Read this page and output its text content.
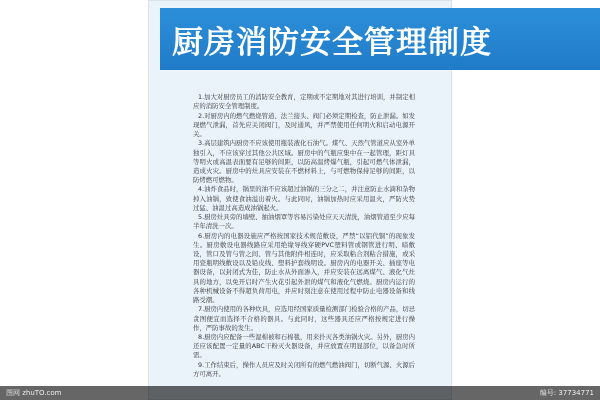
厨房消防安全管理制度

1.加大对厨房员工的消防安全教育，定期或不定期地对其进行培训，并制定相应的消防安全管理制度。

2.对厨房内的燃气燃烧管道、法兰接头、阀门必须定期检查，防止泄漏。如发现燃气泄漏，首先应关闭阀门，及时通风，并严禁使用任何明火和启动电源开关。

3.高层建筑内厨房不应该使用瓶装液化石油气。煤气、天然气管道应从室外单独引入，不应该穿过其他公共区域。厨房中的气瓶应集中在一起管理，距灯具等明火或高温表面要有足够的间距，以防高温烤爆气瓶，引起可燃气体泄漏，造成火灾。厨房中的灶具应安装在不燃材料上，与可燃物保持足够的间距，以防烤燃可燃物。

4.油炸食品时，锅里的油不应该超过油锅的三分之二，并注意防止水滴和杂物掉入油锅，致使食油溢出着火。与此同时，油锅加热时应采用温火，严防火势过猛、油温过高造成油锅起火。

5.厨房灶具旁的墙壁、抽油烟罩等容易污染处应天天清洗，油烟管道至少应每半年清洗一次。

6.厨房内的电器设施应严格按国家技术规范敷设，严禁“以铝代铜”的现象发生。厨房敷设电器线路应采用绝缘导线穿硬PVC塑料管或钢管进行明、暗敷设，管口及管与管之间、管与其他附件相连时，应采取粘合剂粘合措施，或采用瓷瓶明线敷设以及铅皮线、塑料护套线明设。厨房内的电器开关、插座等电器设备，以封闭式为佳，防止水从外面渗入，并应安装在远离煤气、液化气灶具的地方，以免开启时产生火花引起外泄的煤气和液化气燃烧。厨房内运行的各种机械设备不得超负荷用电，并应时刻注意在使用过程中防止电器设备和线路受潮。

7.厨房内使用的各种炊具，应选用经国家质量检测部门检验合格的产品，切忌贪图便宜而选择不合格的器具。与此同时，这些器具还应严格按规定进行操作，严防事故的发生。

8.厨房内应配备一些湿棉被和石棉毯，用来扑灭各类油锅火灾。另外，厨房内还应该配置一定量的ABC干粉灭火器设备，并应放置在明显部位，以备急时所需。

9.工作结束后，操作人员应及时关闭所有的燃气燃油阀门，切断气源、火源后方可离开。

图网 zhuTO.com	编号: 37734771
